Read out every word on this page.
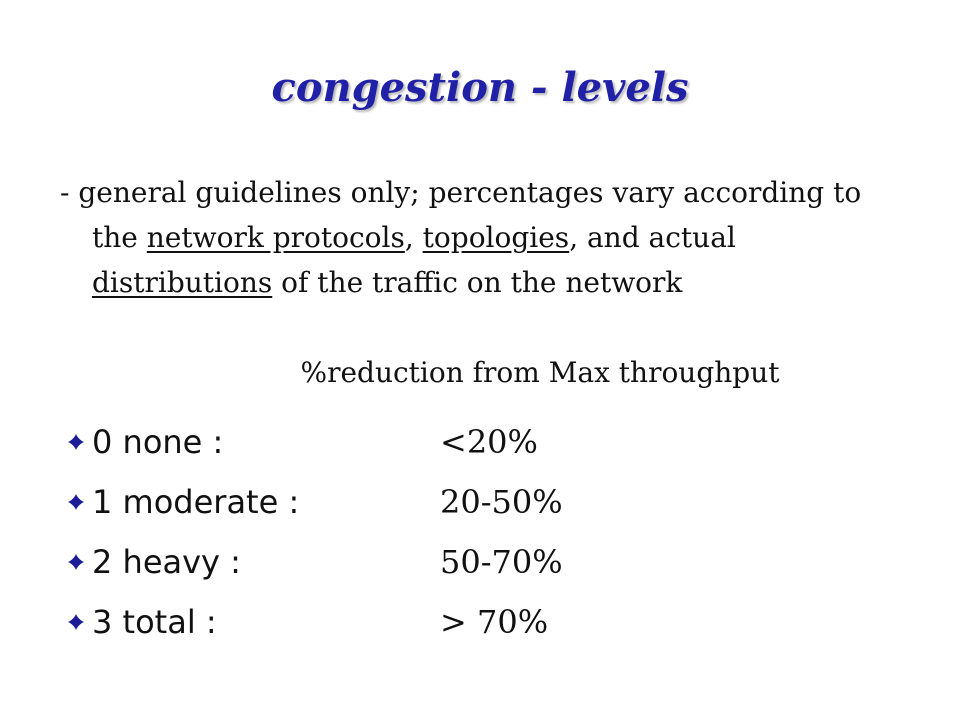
congestion - levels

- general guidelines only; percentages vary according to the network protocols, topologies, and actual distributions of the traffic on the network

%reduction from Max throughput

0 none :	<20%
1 moderate :	20-50%
2 heavy :	50-70%
3 total :	> 70%
